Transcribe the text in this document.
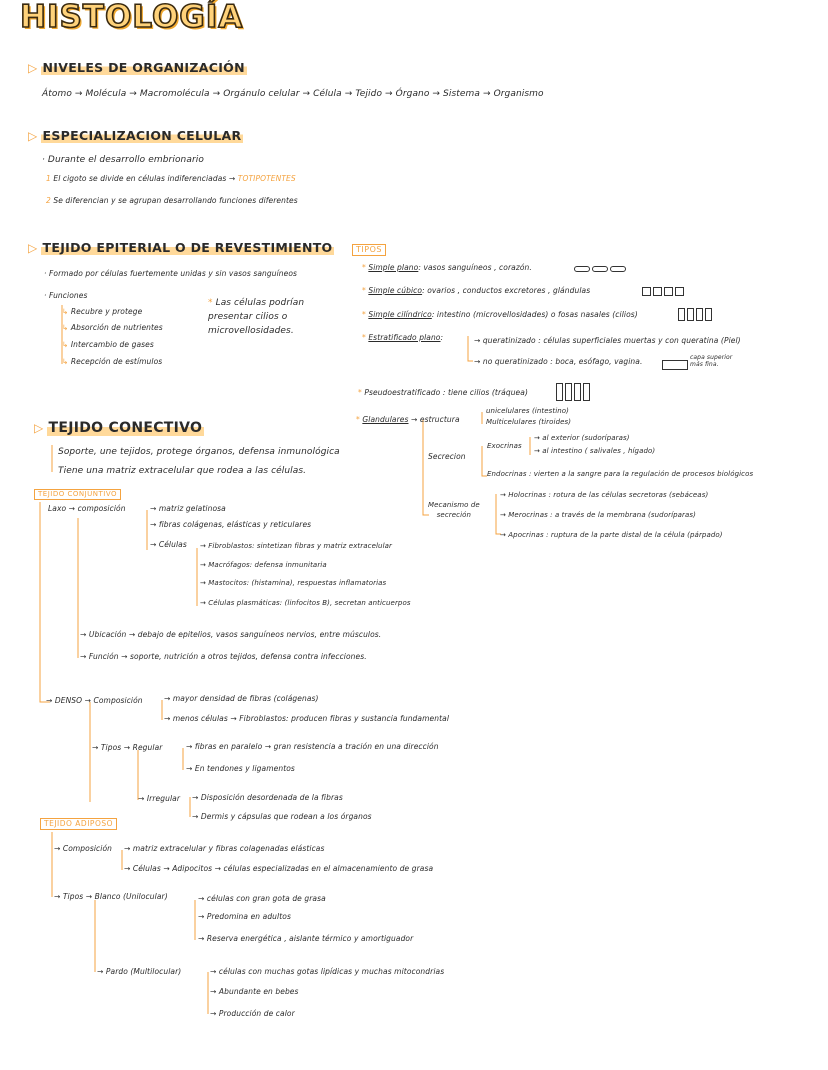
HISTOLOGÍA
▷ NIVELES DE ORGANIZACIÓN
Átomo → Molécula → Macromolécula → Orgánulo celular → Célula → Tejido → Órgano → Sistema → Organismo
▷ ESPECIALIZACION CELULAR
· Durante el desarrollo embrionario
1 El cigoto se divide en células indiferenciadas → TOTIPOTENTES
2 Se diferencian y se agrupan desarrollando funciones diferentes
▷ TEJIDO EPITERIAL O DE REVESTIMIENTO
· Formado por células fuertemente unidas y sin vasos sanguíneos
· Funciones
↳ Recubre y protege
↳ Absorción de nutrientes
↳ Intercambio de gases
↳ Recepción de estímulos
* Las células podrían
presentar cilios o
microvellosidades.
TIPOS
* Simple plano: vasos sanguíneos , corazón.
* Simple cúbico: ovarios , conductos excretores , glándulas
* Simple cilíndrico: intestino (microvellosidades) o fosas nasales (cilios)
* Estratificado plano:	→ queratinizado : células superficiales muertas y con queratina (Piel)
→ no queratinizado : boca, esófago, vagina.	capa superior
más fina.
* Pseudoestratificado : tiene cilios (tráquea)
* Glandulares → estructura
unicelulares (intestino)
Multicelulares (tiroides)
Secrecion
Exocrinas
→ al exterior (sudoríparas)
→ al intestino ( salivales , hígado)
Endocrinas : vierten a la sangre para la regulación de procesos biológicos
Mecanismo de
secreción
→ Holocrinas : rotura de las células secretoras (sebáceas)
→ Merocrinas : a través de la membrana (sudoríparas)
→ Apocrinas : ruptura de la parte distal de la célula (párpado)
▷ TEJIDO CONECTIVO
Soporte, une tejidos, protege órganos, defensa inmunológica
Tiene una matriz extracelular que rodea a las células.
TEJIDO CONJUNTIVO
Laxo → composición	→ matriz gelatinosa
→ fibras colágenas, elásticas y reticulares
→ Células → Fibroblastos: sintetizan fibras y matriz extracelular
→ Macrófagos: defensa inmunitaria
→ Mastocitos: (histamina), respuestas inflamatorias
→ Células plasmáticas: (linfocitos B), secretan anticuerpos
→ Ubicación → debajo de epitelios, vasos sanguíneos nervios, entre músculos.
→ Función → soporte, nutrición a otros tejidos, defensa contra infecciones.
→ DENSO → Composición	→ mayor densidad de fibras (colágenas)
→ menos células → Fibroblastos: producen fibras y sustancia fundamental
→ Tipos → Regular	→ fibras en paralelo → gran resistencia a tración en una dirección
→ En tendones y ligamentos
→ Irregular → Disposición desordenada de la fibras
→ Dermis y cápsulas que rodean a los órganos
TEJIDO ADIPOSO
→ Composición → matriz extracelular y fibras colagenadas elásticas
→ Células → Adipocitos → células especializadas en el almacenamiento de grasa
→ Tipos → Blanco (Unilocular)	→ células con gran gota de grasa
→ Predomina en adultos
→ Reserva energética , aislante térmico y amortiguador
→ Pardo (Multilocular)	→ células con muchas gotas lipídicas y muchas mitocondrias
→ Abundante en bebes
→ Producción de calor
